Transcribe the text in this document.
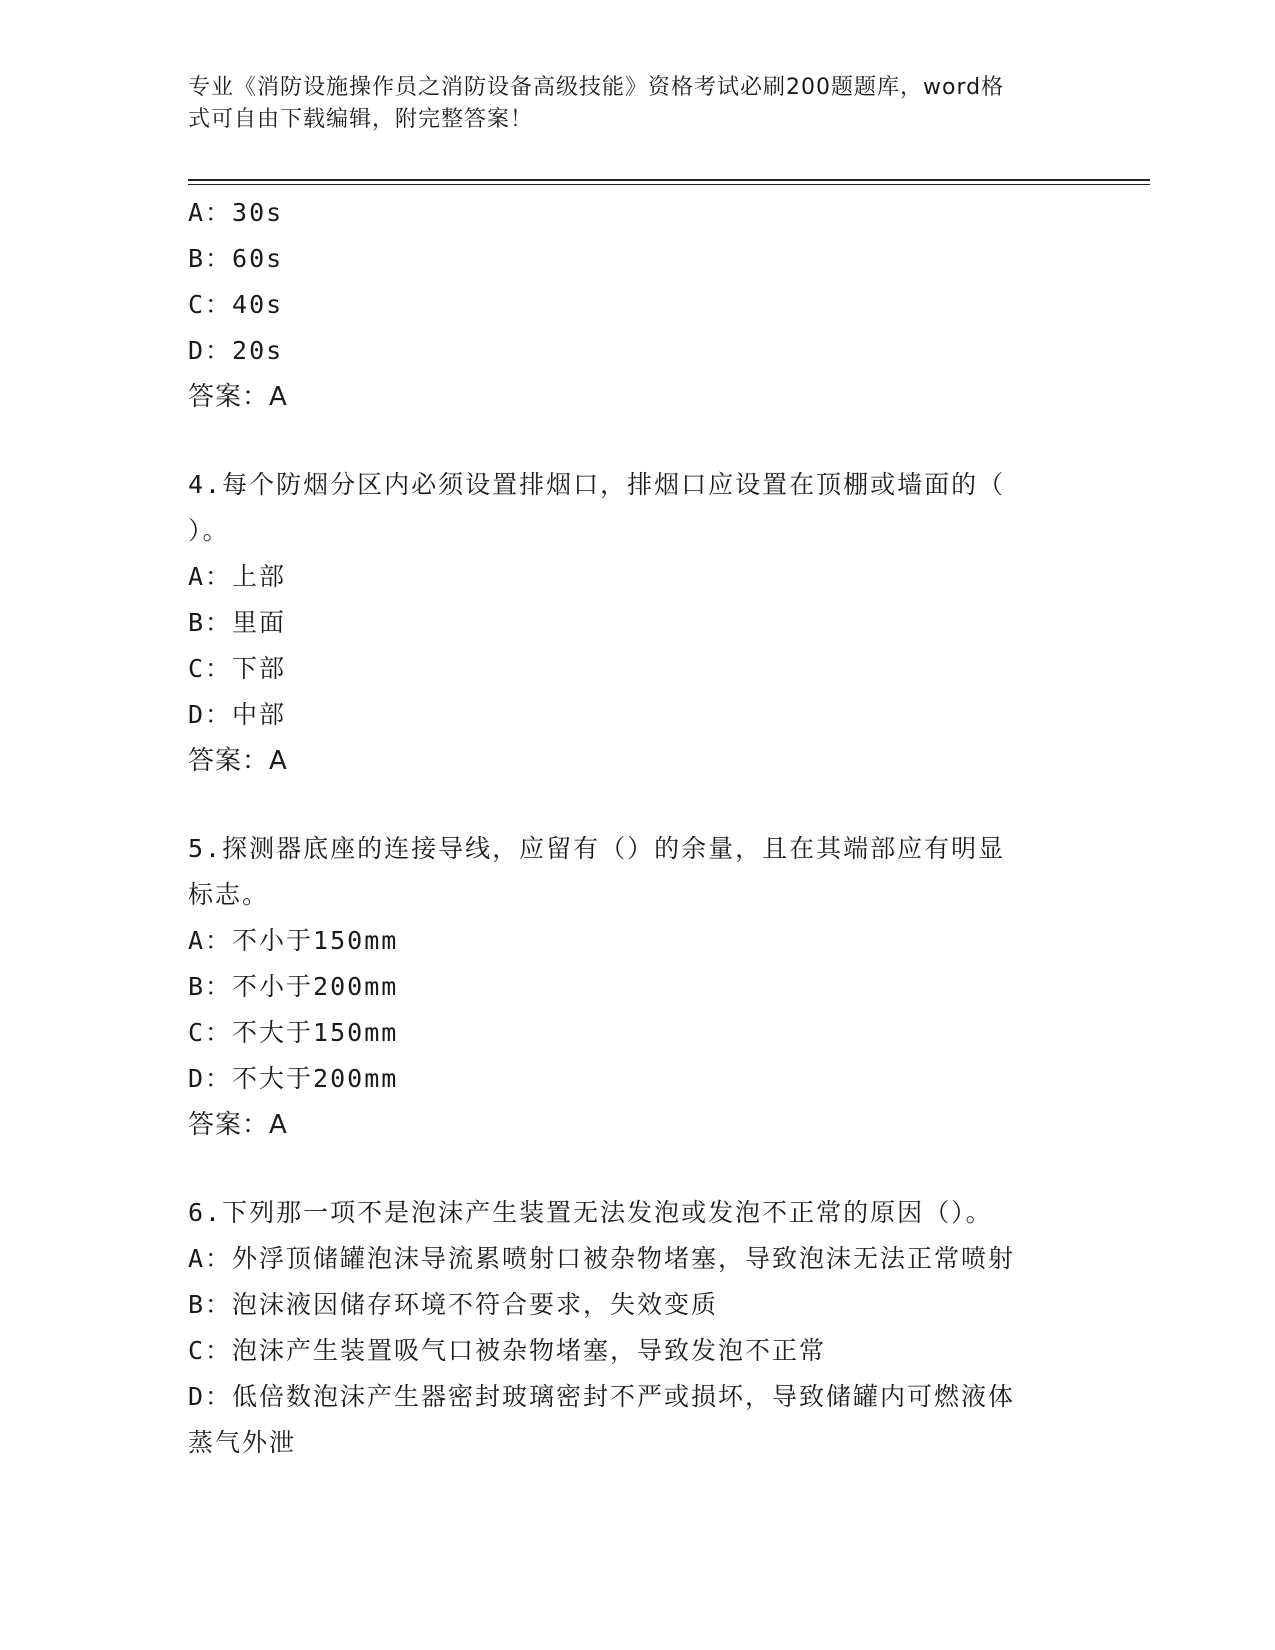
专业《消防设施操作员之消防设备高级技能》资格考试必刷200题题库，word格
式可自由下载编辑，附完整答案！
A：30s
B：60s
C：40s
D：20s
答案：A
4.每个防烟分区内必须设置排烟口，排烟口应设置在顶棚或墙面的（
）。
A：上部
B：里面
C：下部
D：中部
答案：A
5.探测器底座的连接导线，应留有（）的余量，且在其端部应有明显
标志。
A：不小于150mm
B：不小于200mm
C：不大于150mm
D：不大于200mm
答案：A
6.下列那一项不是泡沫产生装置无法发泡或发泡不正常的原因（）。
A：外浮顶储罐泡沫导流累喷射口被杂物堵塞，导致泡沫无法正常喷射
B：泡沫液因储存环境不符合要求，失效变质
C：泡沫产生装置吸气口被杂物堵塞，导致发泡不正常
D：低倍数泡沫产生器密封玻璃密封不严或损坏，导致储罐内可燃液体
蒸气外泄
